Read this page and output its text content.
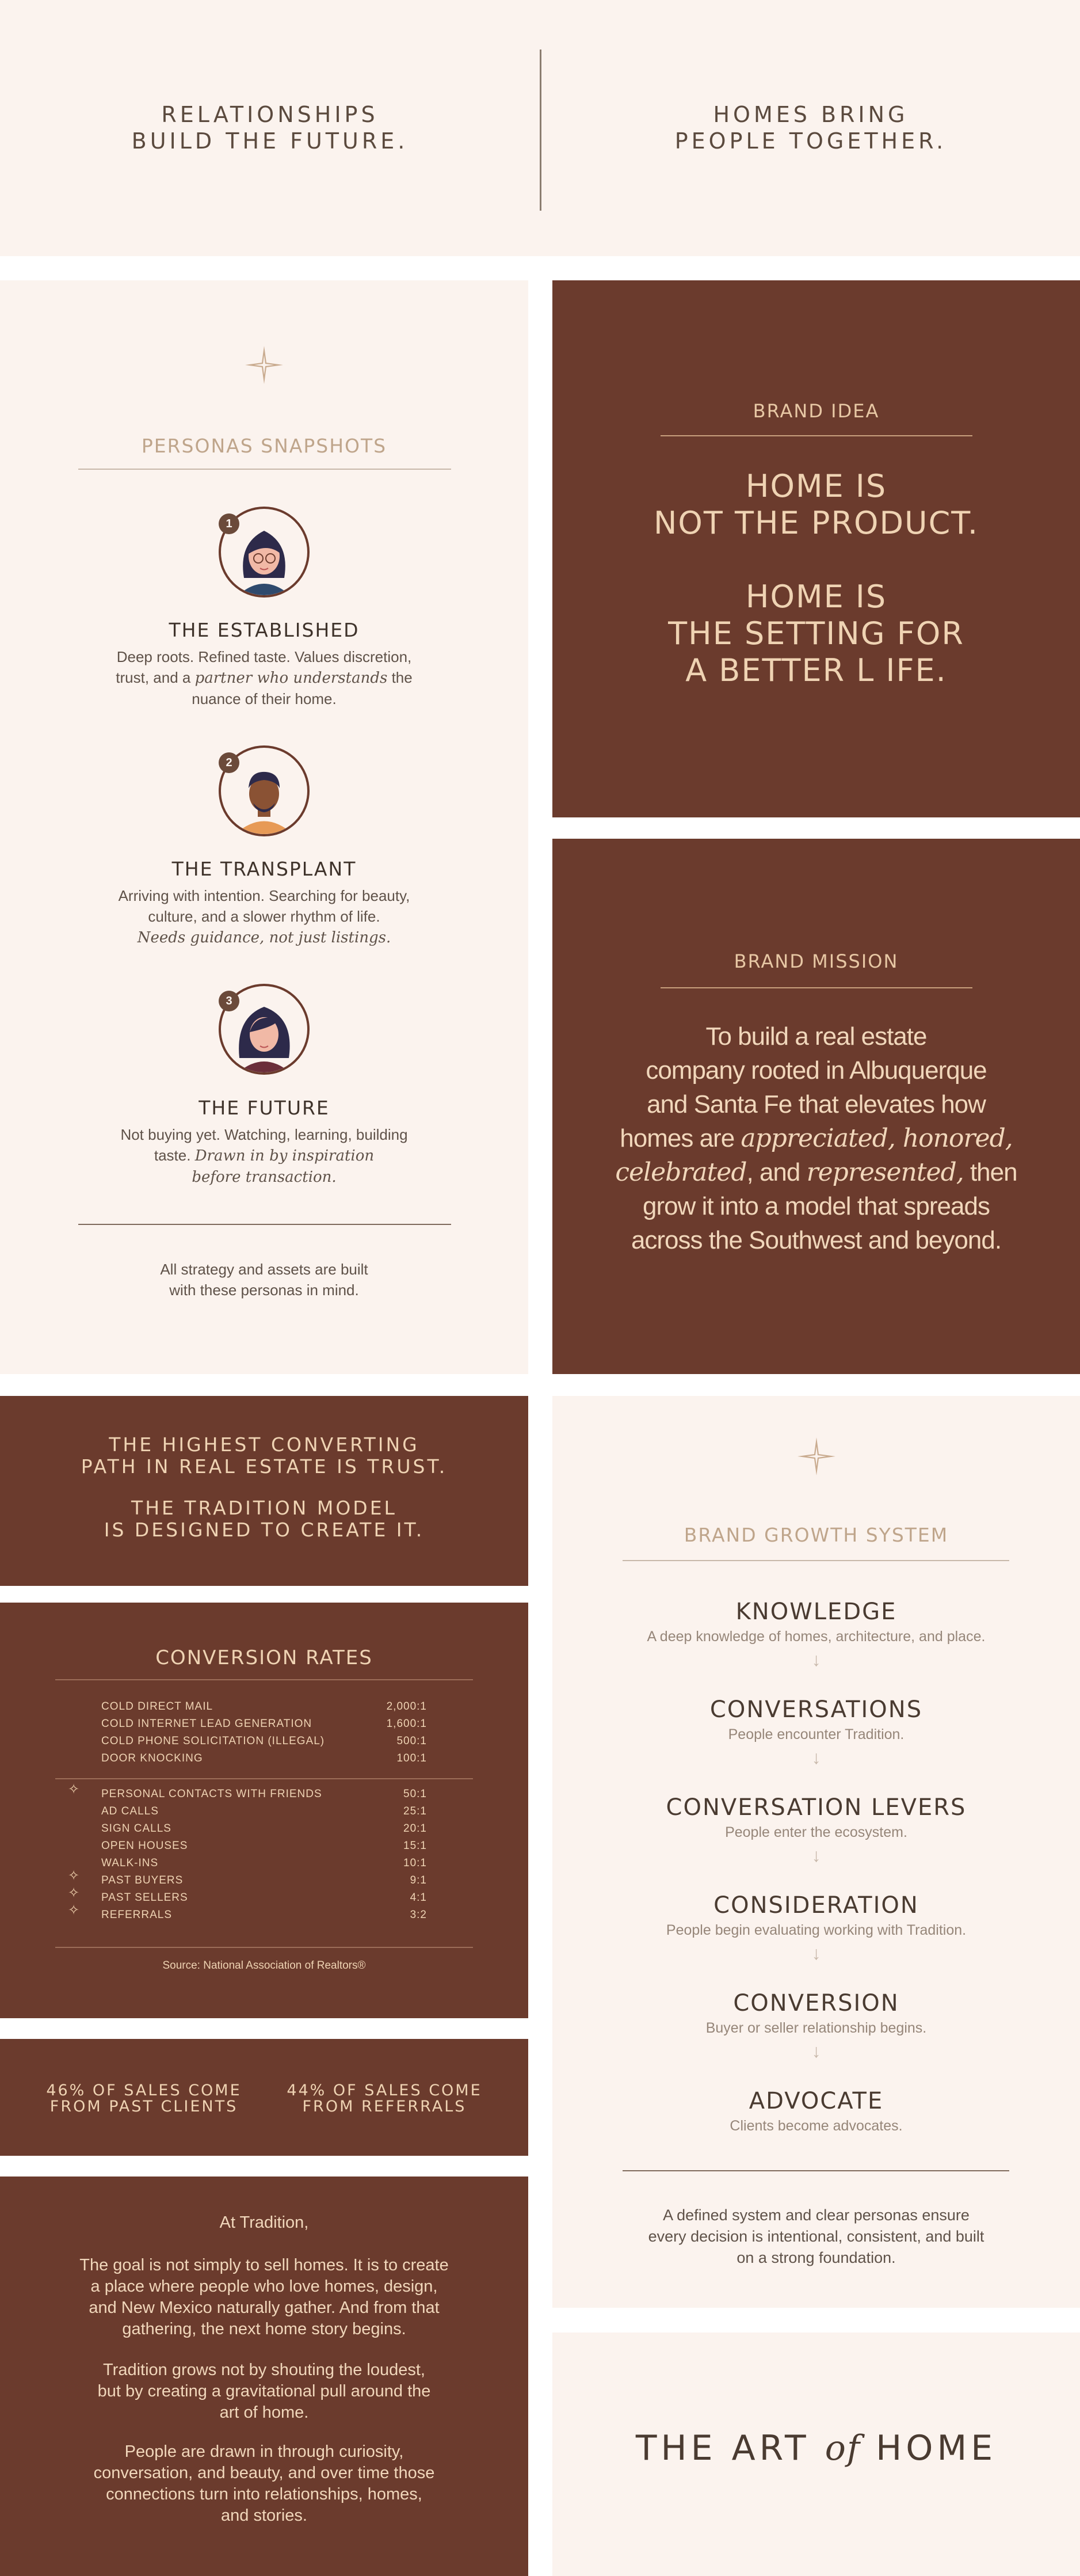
RELATIONSHIPS
BUILD THE FUTURE.
HOMES BRING
PEOPLE TOGETHER.
PERSONAS SNAPSHOTS
1
THE ESTABLISHED
Deep roots. Refined taste. Values discretion,
trust, and a partner who understands the
nuance of their home.
2
THE TRANSPLANT
Arriving with intention. Searching for beauty,
culture, and a slower rhythm of life.
Needs guidance, not just listings.
3
THE FUTURE
Not buying yet. Watching, learning, building
taste. Drawn in by inspiration
before transaction.
All strategy and assets are built
with these personas in mind.
BRAND IDEA
HOME IS
NOT THE PRODUCT.
HOME IS
THE SETTING FOR
A BETTER L IFE.
BRAND MISSION
To build a real estate
company rooted in Albuquerque
and Santa Fe that elevates how
homes are appreciated, honored,
celebrated, and represented, then
grow it into a model that spreads
across the Southwest and beyond.
THE HIGHEST CONVERTING
PATH IN REAL ESTATE IS TRUST.
THE TRADITION MODEL
IS DESIGNED TO CREATE IT.
CONVERSION RATES
COLD DIRECT MAIL	2,000:1
COLD INTERNET LEAD GENERATION	1,600:1
COLD PHONE SOLICITATION (ILLEGAL)	500:1
DOOR KNOCKING	100:1
✧ PERSONAL CONTACTS WITH FRIENDS	50:1
AD CALLS	25:1
SIGN CALLS	20:1
OPEN HOUSES	15:1
WALK-INS	10:1
✧ PAST BUYERS	9:1
✧ PAST SELLERS	4:1
✧ REFERRALS	3:2
Source: National Association of Realtors®
46% OF SALES COME
FROM PAST CLIENTS
44% OF SALES COME
FROM REFERRALS
At Tradition,
The goal is not simply to sell homes. It is to create
a place where people who love homes, design,
and New Mexico naturally gather. And from that
gathering, the next home story begins.
Tradition grows not by shouting the loudest,
but by creating a gravitational pull around the
art of home.
People are drawn in through curiosity,
conversation, and beauty, and over time those
connections turn into relationships, homes,
and stories.
BRAND GROWTH SYSTEM
KNOWLEDGE
A deep knowledge of homes, architecture, and place.
↓
CONVERSATIONS
People encounter Tradition.
↓
CONVERSATION LEVERS
People enter the ecosystem.
↓
CONSIDERATION
People begin evaluating working with Tradition.
↓
CONVERSION
Buyer or seller relationship begins.
↓
ADVOCATE
Clients become advocates.
A defined system and clear personas ensure
every decision is intentional, consistent, and built
on a strong foundation.
THE ART of HOME
